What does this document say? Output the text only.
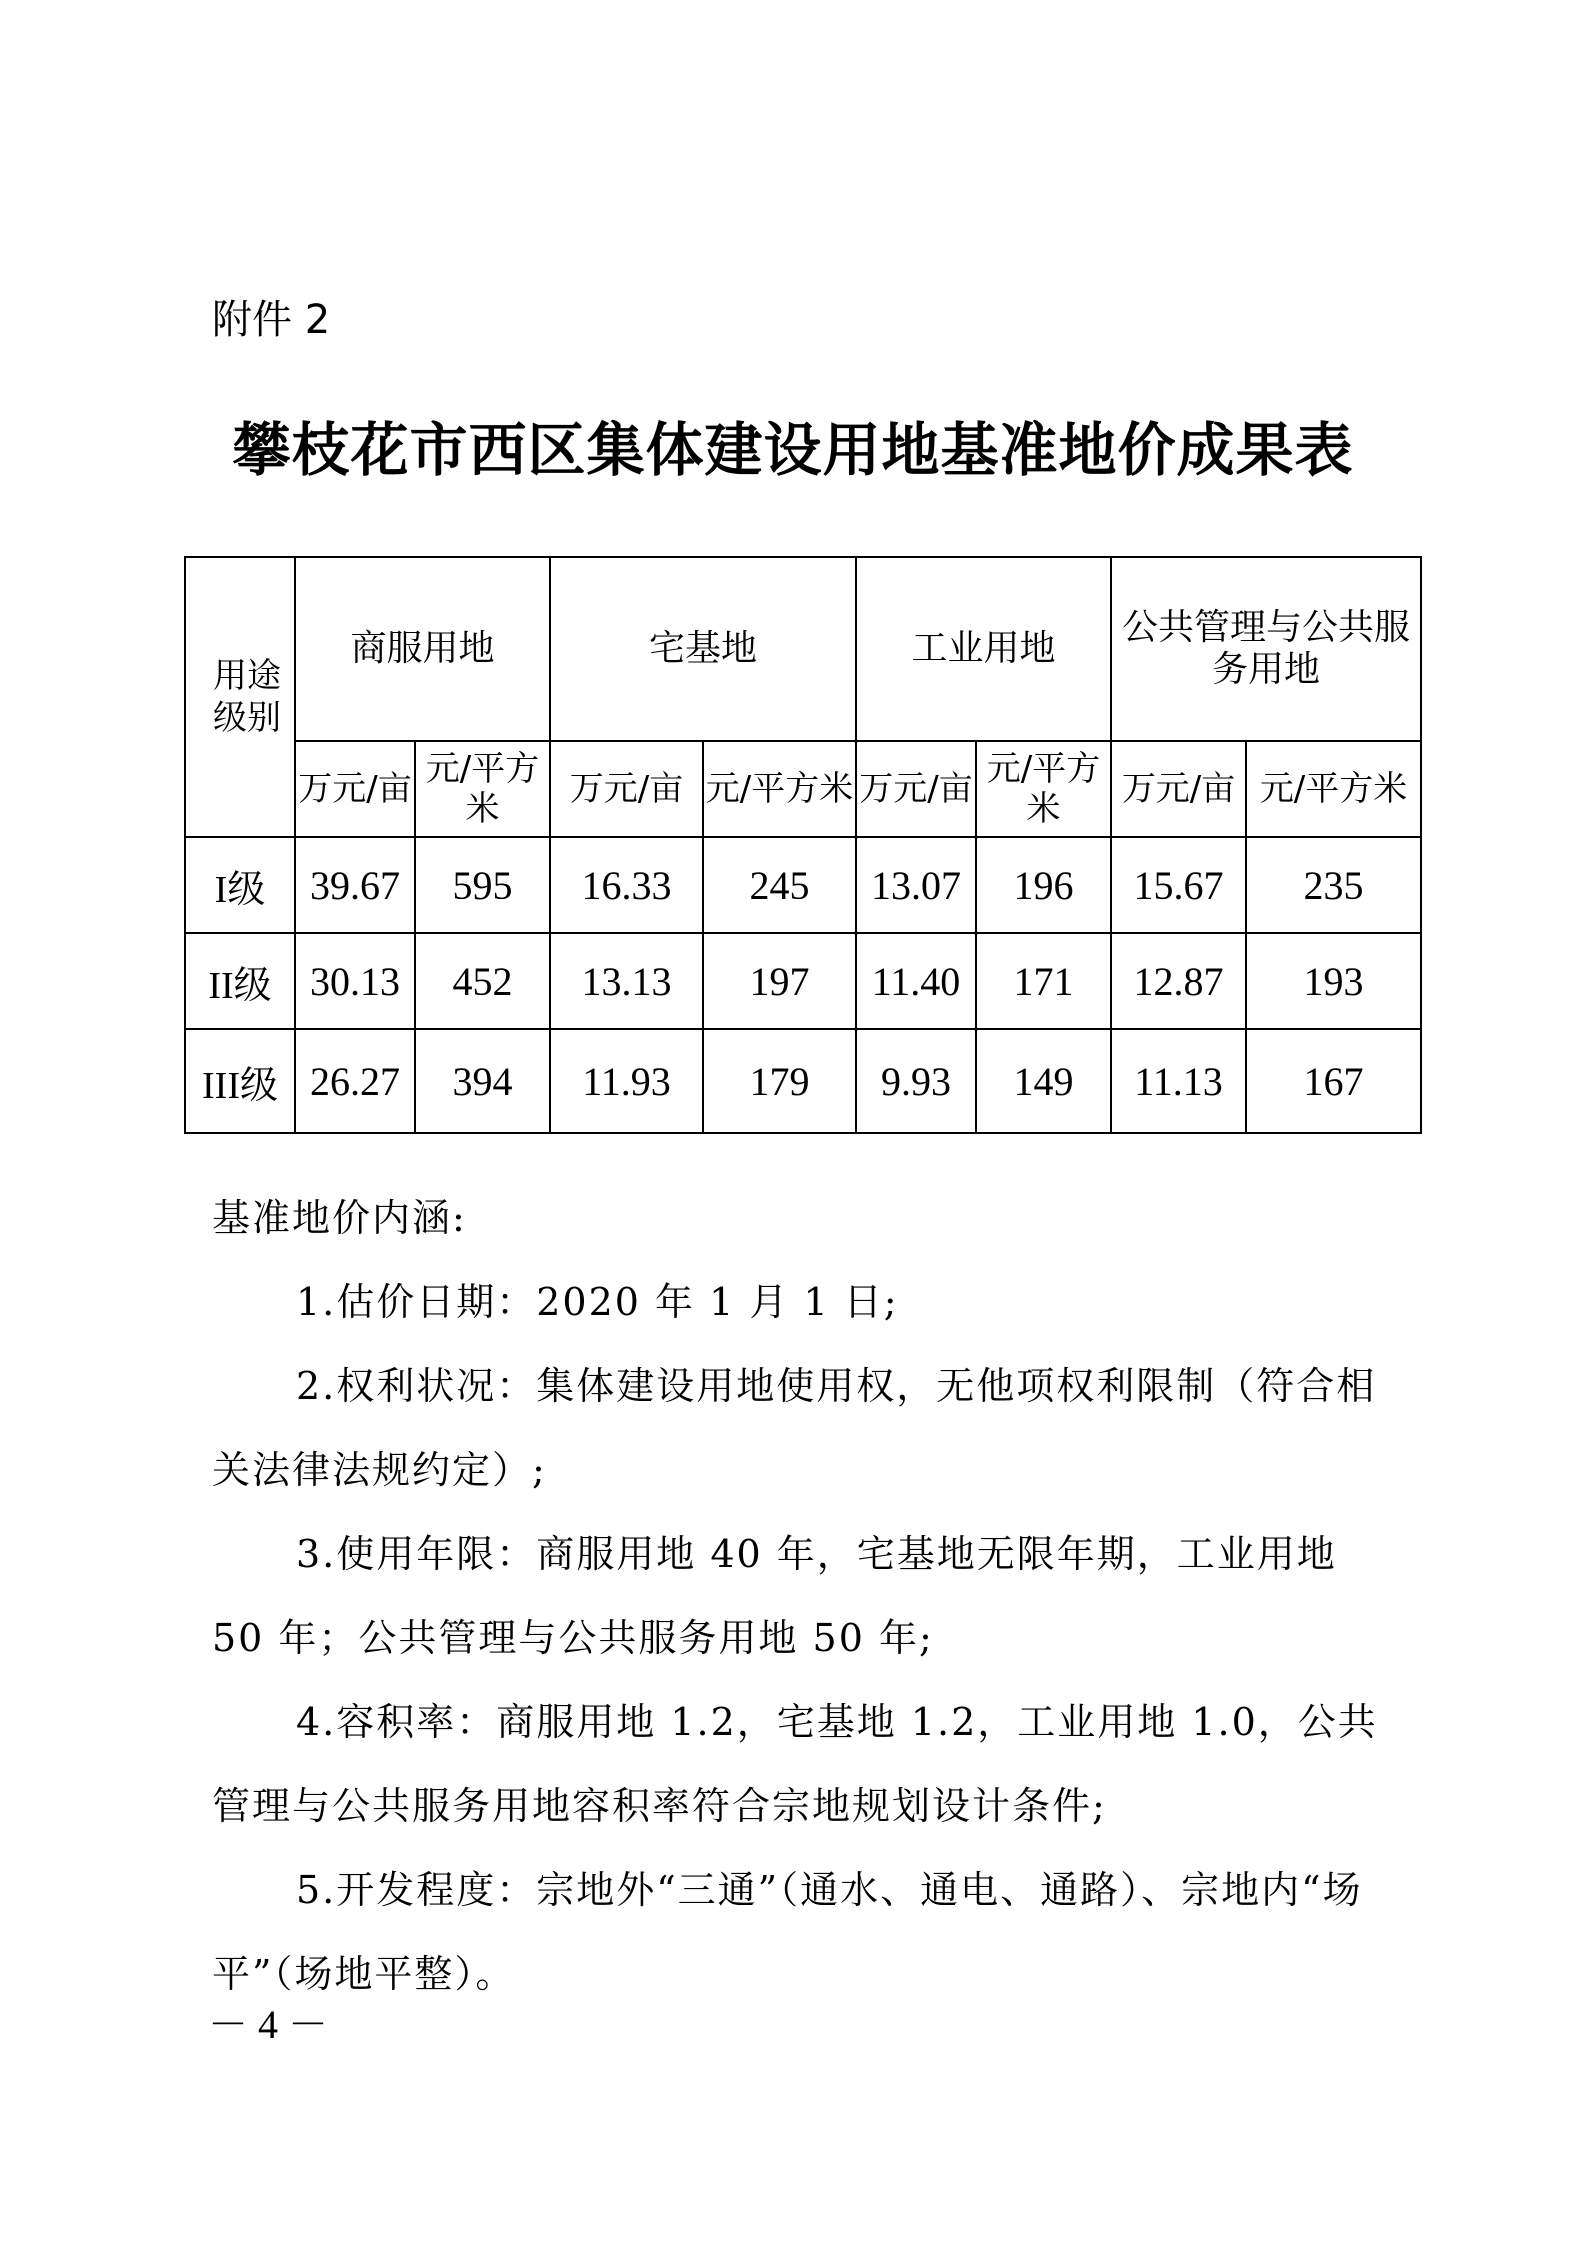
附件 2
攀枝花市西区集体建设用地基准地价成果表
用途
级别	商服用地		宅基地		工业用地		公共管理与公共服务用地	

	万元/亩	元/平方米	万元/亩	元/平方米	万元/亩	元/平方米	万元/亩	元/平方米
I级	39.67	595	16.33	245	13.07	196	15.67	235
II级	30.13	452	13.13	197	11.40	171	12.87	193
III级	26.27	394	11.93	179	9.93	149	11.13	167

基准地价内涵:

1.估价日期：2020 年 1 月 1 日;

2.权利状况：集体建设用地使用权，无他项权利限制（符合相关法律法规约定）;

3.使用年限：商服用地 40 年，宅基地无限年期，工业用地 50 年；公共管理与公共服务用地 50 年;

4.容积率：商服用地 1.2，宅基地 1.2，工业用地 1.0，公共管理与公共服务用地容积率符合宗地规划设计条件;

5.开发程度：宗地外“三通”（通水、通电、通路）、宗地内“场平”（场地平整）。

－ 4 －
